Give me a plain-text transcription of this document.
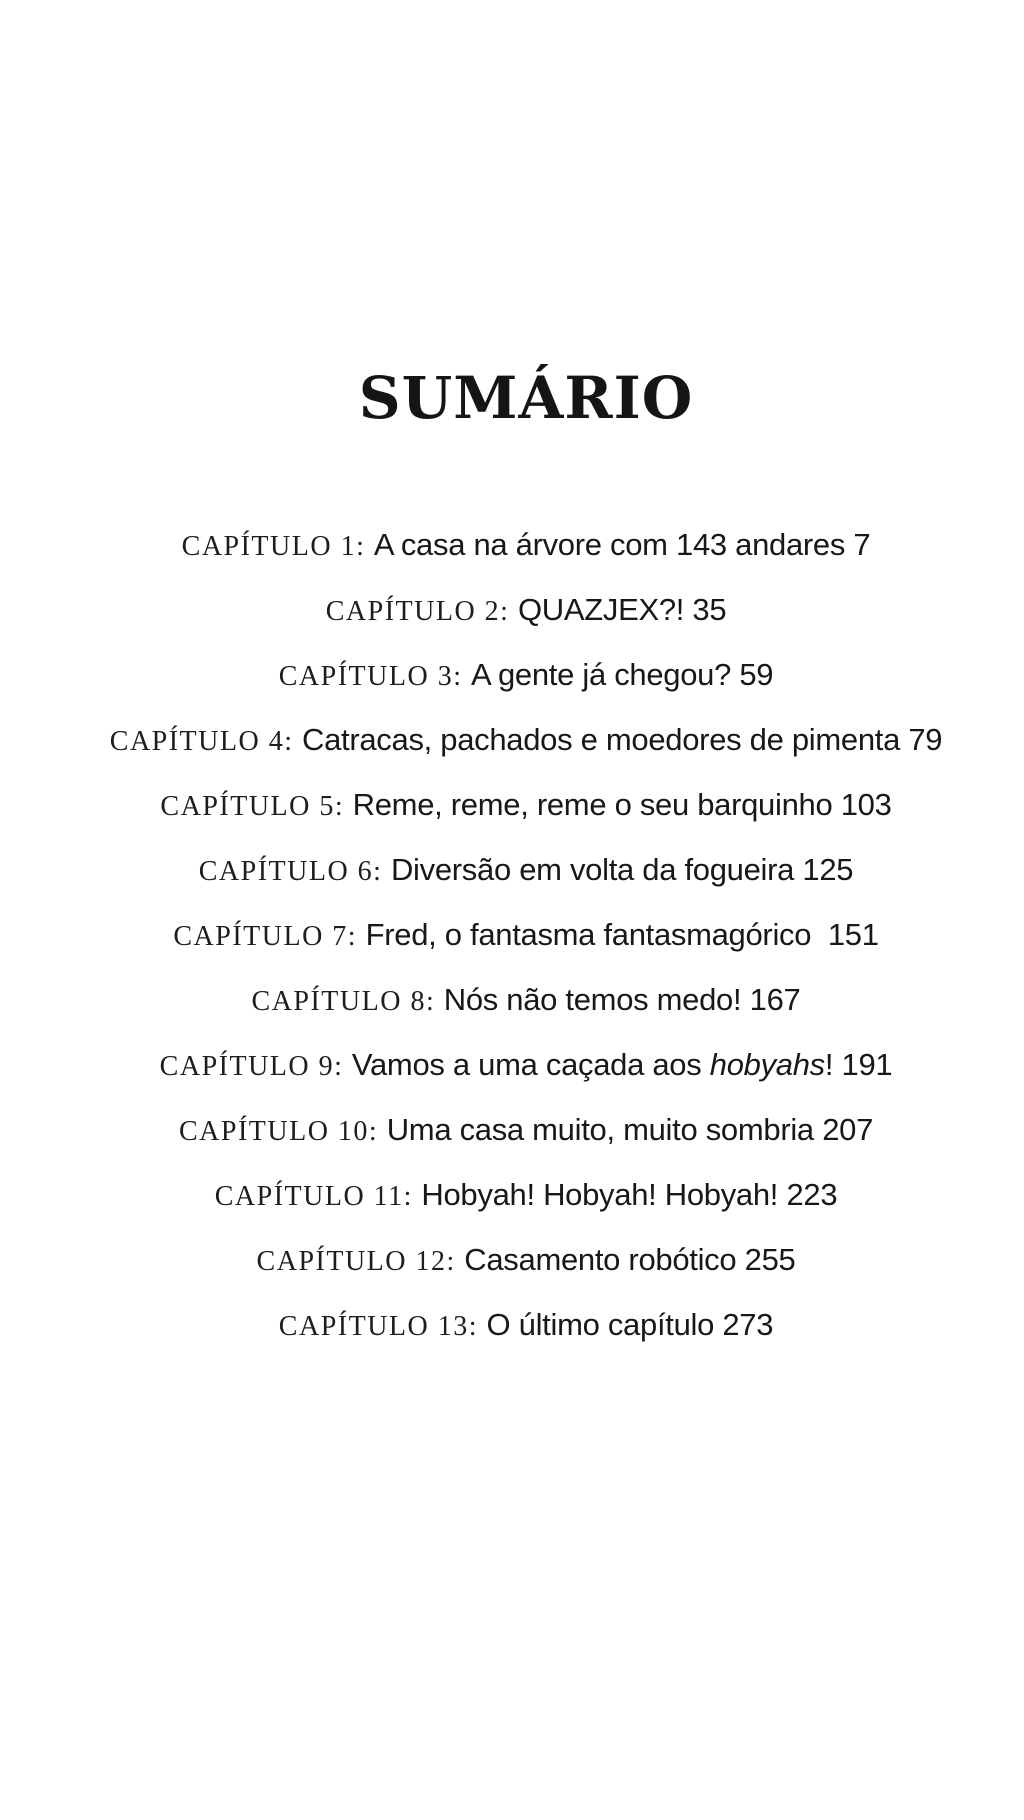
SUMÁRIO
CAPÍTULO 1: A casa na árvore com 143 andares 7
CAPÍTULO 2: QUAZJEX?! 35
CAPÍTULO 3: A gente já chegou? 59
CAPÍTULO 4: Catracas, pachados e moedores de pimenta 79
CAPÍTULO 5: Reme, reme, reme o seu barquinho 103
CAPÍTULO 6: Diversão em volta da fogueira 125
CAPÍTULO 7: Fred, o fantasma fantasmagórico  151
CAPÍTULO 8: Nós não temos medo! 167
CAPÍTULO 9: Vamos a uma caçada aos hobyahs! 191
CAPÍTULO 10: Uma casa muito, muito sombria 207
CAPÍTULO 11: Hobyah! Hobyah! Hobyah! 223
CAPÍTULO 12: Casamento robótico 255
CAPÍTULO 13: O último capítulo 273
